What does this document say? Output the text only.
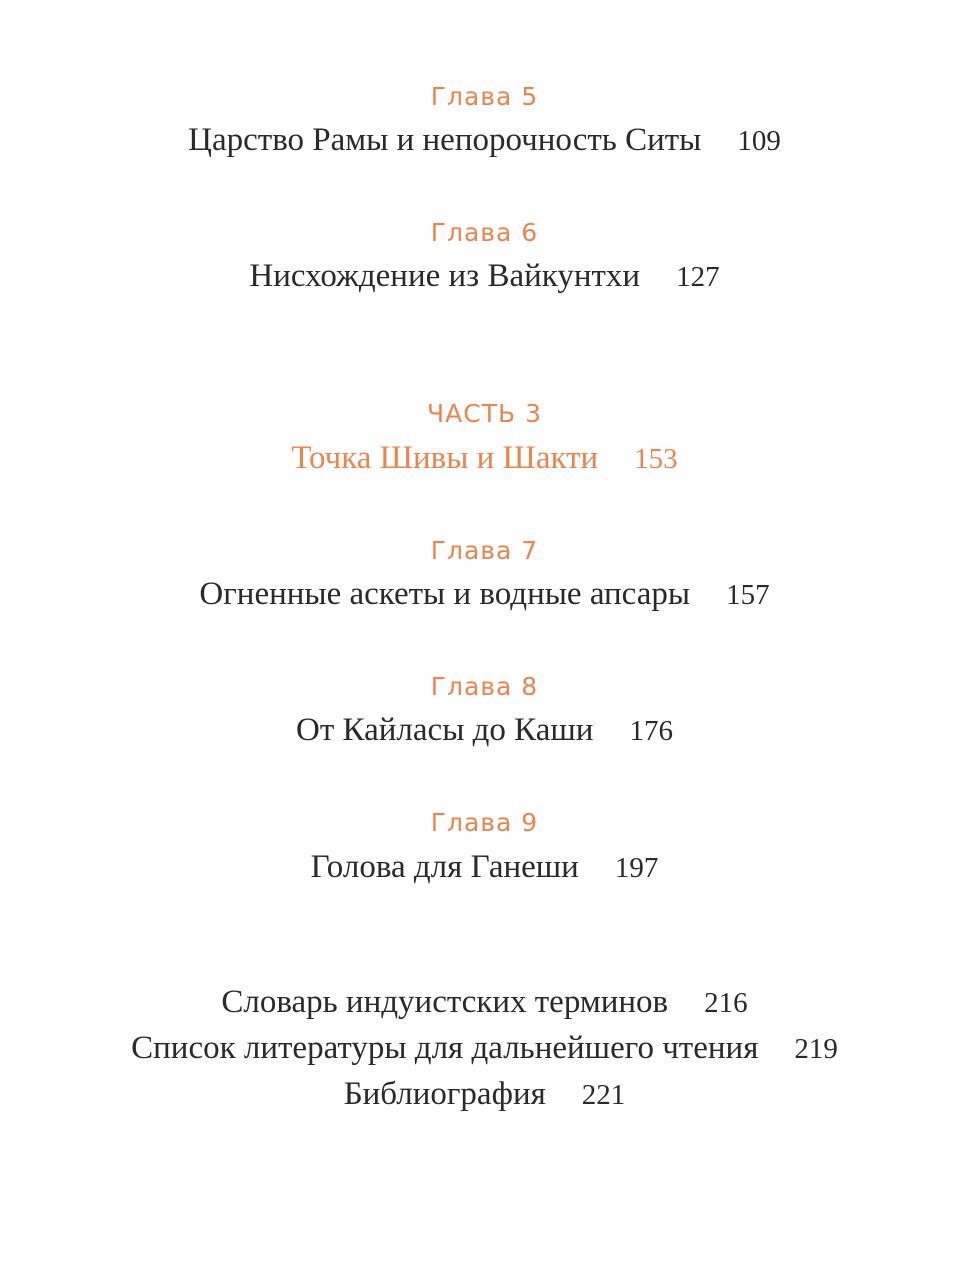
Глава 5
Царство Рамы и непорочность Ситы 109
Глава 6
Нисхождение из Вайкунтхи 127
ЧАСТЬ 3
Точка Шивы и Шакти 153
Глава 7
Огненные аскеты и водные апсары 157
Глава 8
От Кайласы до Каши 176
Глава 9
Голова для Ганеши 197
Словарь индуистских терминов 216
Список литературы для дальнейшего чтения 219
Библиография 221
